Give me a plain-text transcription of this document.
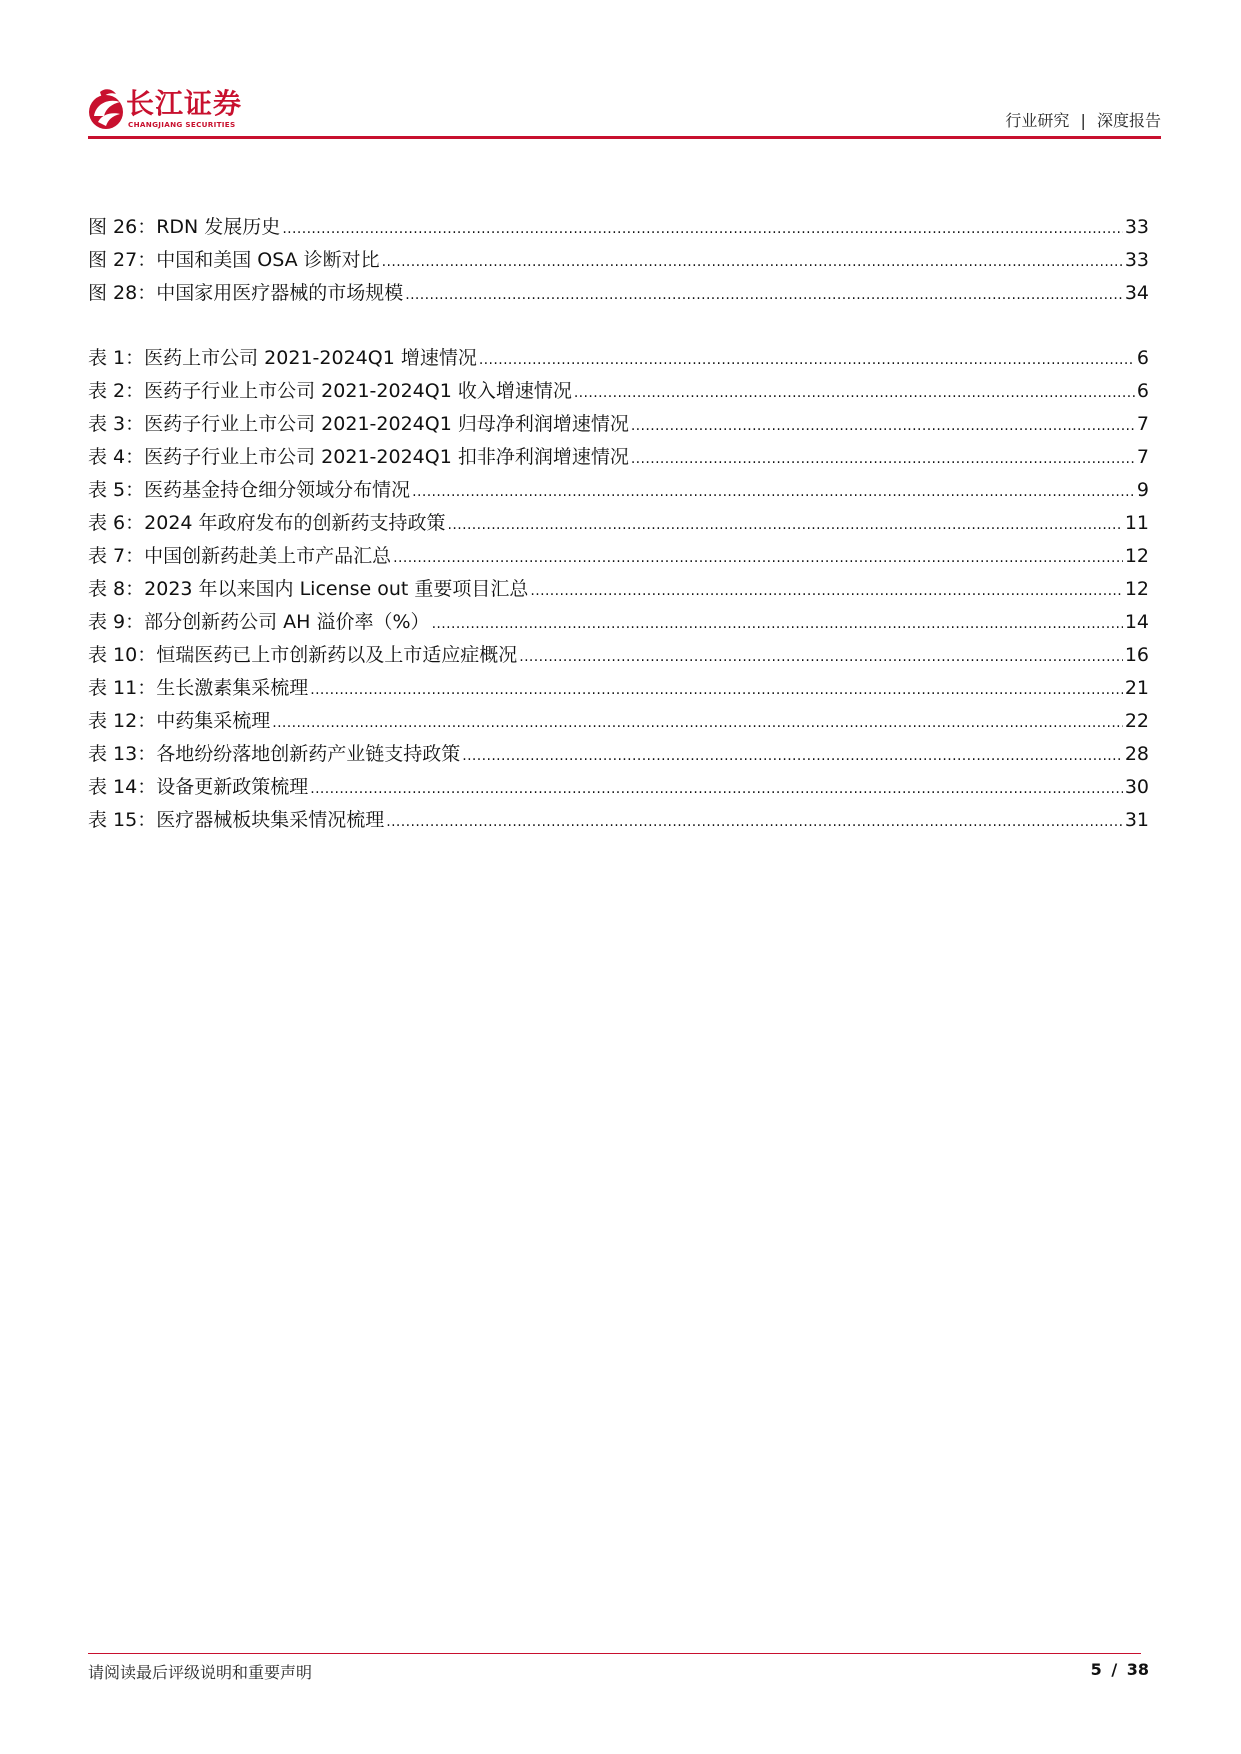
长江证券
CHANGJIANG SECURITIES	行业研究 | 深度报告
图 26：RDN 发展历史 .....	33
图 27：中国和美国 OSA 诊断对比 .....	33
图 28：中国家用医疗器械的市场规模 .....	34
表 1：医药上市公司 2021-2024Q1 增速情况 .....	6
表 2：医药子行业上市公司 2021-2024Q1 收入增速情况 .....	6
表 3：医药子行业上市公司 2021-2024Q1 归母净利润增速情况 .....	7
表 4：医药子行业上市公司 2021-2024Q1 扣非净利润增速情况 .....	7
表 5：医药基金持仓细分领域分布情况 .....	9
表 6：2024 年政府发布的创新药支持政策 .....	11
表 7：中国创新药赴美上市产品汇总 .....	12
表 8：2023 年以来国内 License out 重要项目汇总 .....	12
表 9：部分创新药公司 AH 溢价率（%） .....	14
表 10：恒瑞医药已上市创新药以及上市适应症概况 .....	16
表 11：生长激素集采梳理 .....	21
表 12：中药集采梳理 .....	22
表 13：各地纷纷落地创新药产业链支持政策 .....	28
表 14：设备更新政策梳理 .....	30
表 15：医疗器械板块集采情况梳理 .....	31
请阅读最后评级说明和重要声明	5 / 38
